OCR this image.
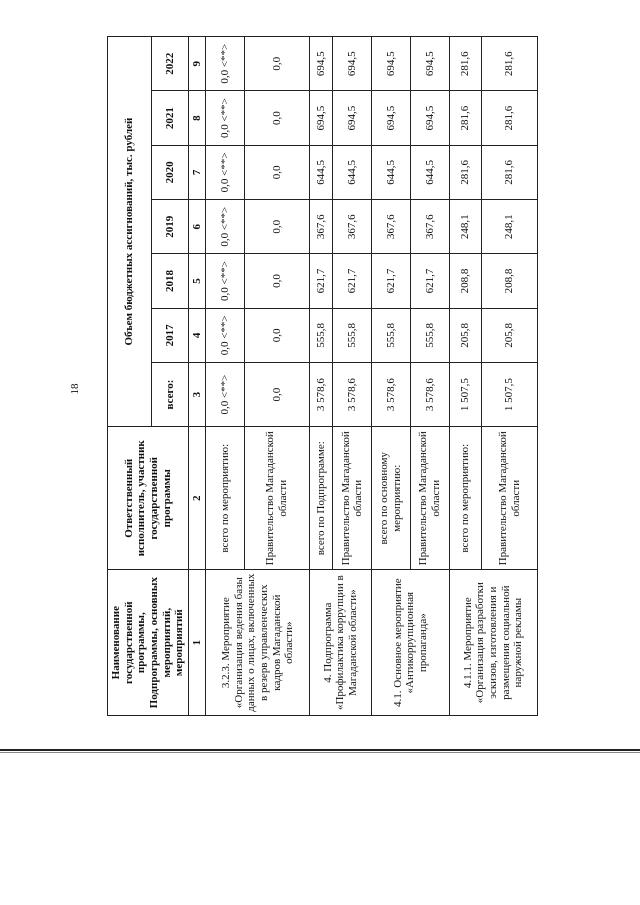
18
Наименование государственной программы, Подпрограммы, основных мероприятий, мероприятий	Ответственный исполнитель, участник государственной программы	Объем бюджетных ассигнований, тыс. рублей						
		всего:	2017	2018	2019	2020	2021	2022
1	2	3	4	5	6	7	8	9
3.2.3. Мероприятие «Организация ведения базы данных о лицах, включенных в резерв управленческих кадров Магаданской области»	всего по мероприятию:	0,0 <**>	0,0 <**>	0,0 <**>	0,0 <**>	0,0 <**>	0,0 <**>	0,0 <**>
	Правительство Магаданской области	0,0	0,0	0,0	0,0	0,0	0,0	0,0
4. Подпрограмма «Профилактика коррупции в Магаданской области»	всего по Подпрограмме:	3 578,6	555,8	621,7	367,6	644,5	694,5	694,5
	Правительство Магаданской области	3 578,6	555,8	621,7	367,6	644,5	694,5	694,5
4.1. Основное мероприятие «Антикоррупционная пропаганда»	всего по основному мероприятию:	3 578,6	555,8	621,7	367,6	644,5	694,5	694,5
	Правительство Магаданской области	3 578,6	555,8	621,7	367,6	644,5	694,5	694,5
4.1.1. Мероприятие «Организация разработки эскизов, изготовления и размещения социальной наружной рекламы	всего по мероприятию:	1 507,5	205,8	208,8	248,1	281,6	281,6	281,6
	Правительство Магаданской области	1 507,5	205,8	208,8	248,1	281,6	281,6	281,6
